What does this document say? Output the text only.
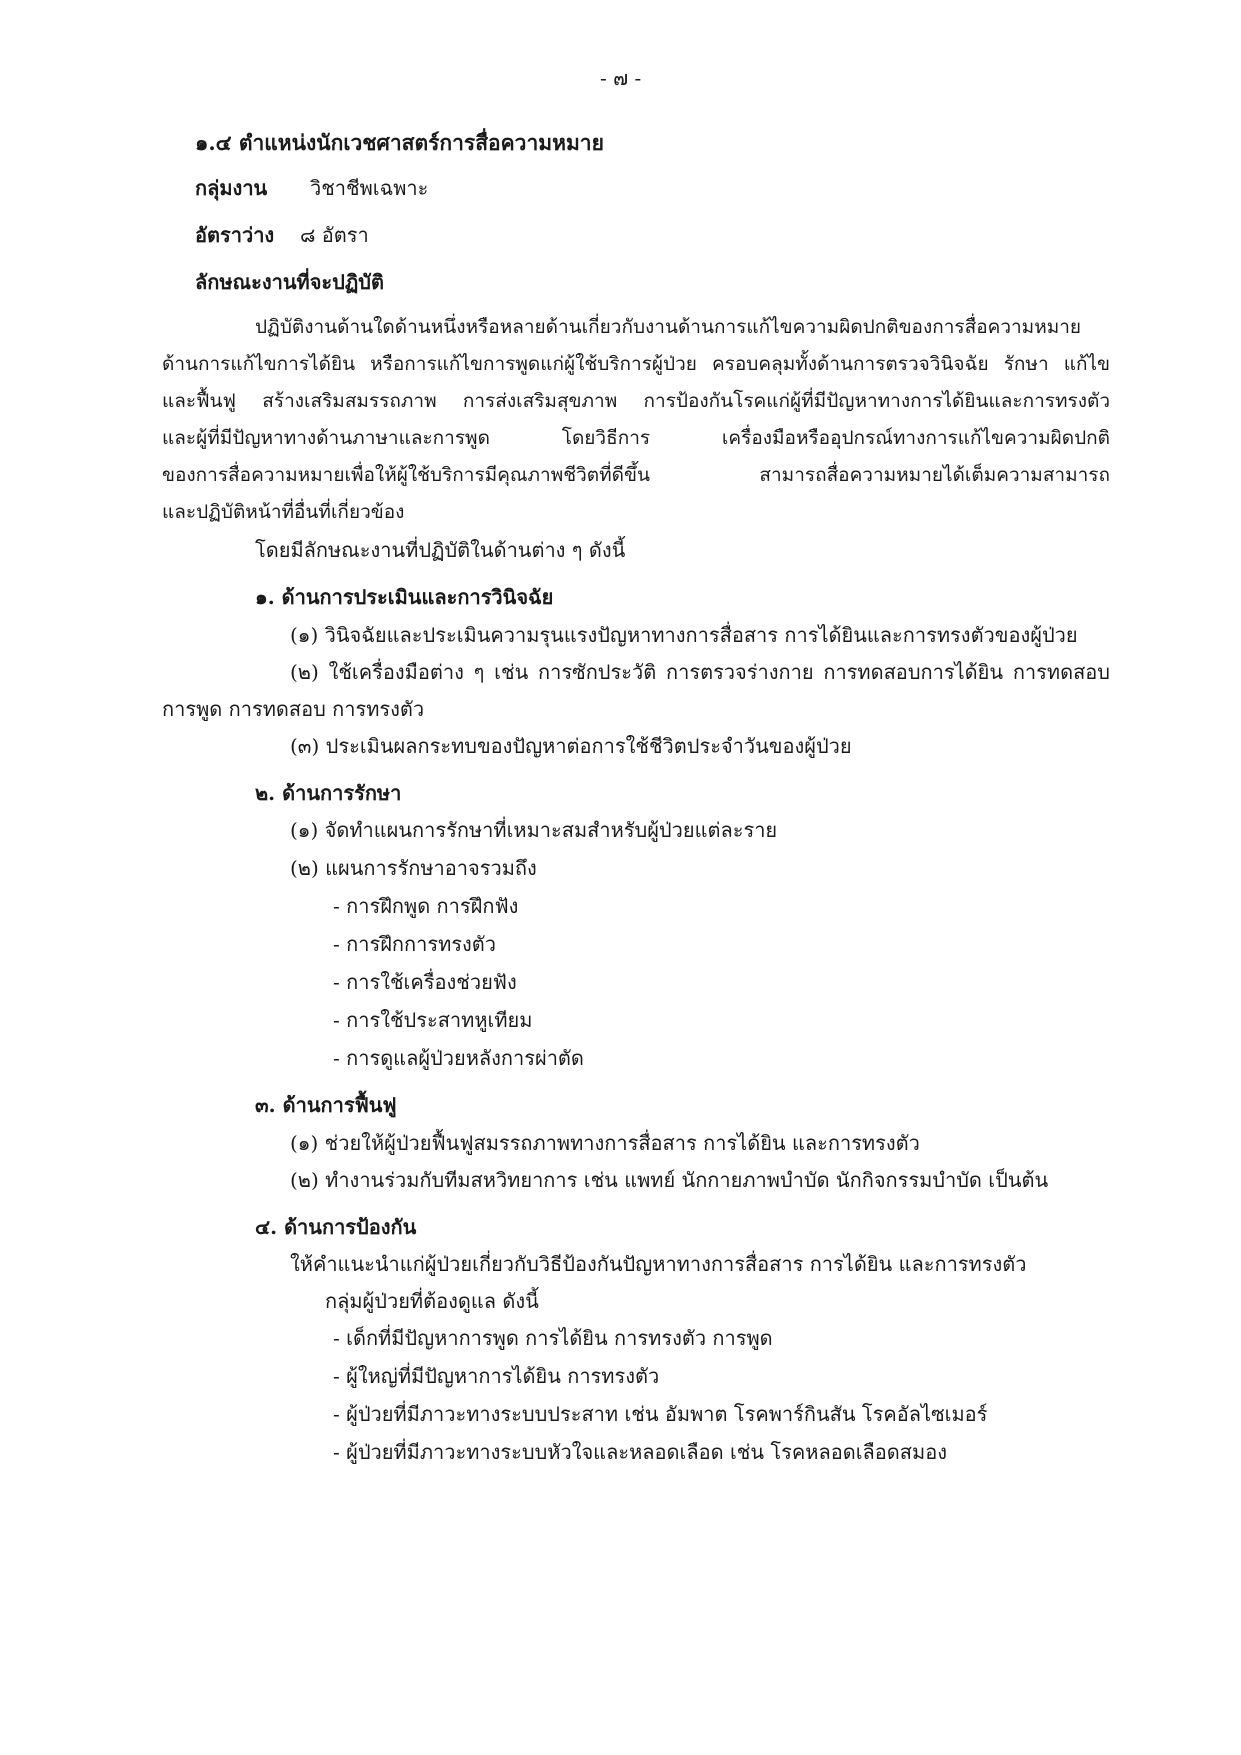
- ๗ -
๑.๔ ตำแหน่งนักเวชศาสตร์การสื่อความหมาย
กลุ่มงาน วิชาชีพเฉพาะ
อัตราว่าง ๘ อัตรา
ลักษณะงานที่จะปฏิบัติ
ปฏิบัติงานด้านใดด้านหนึ่งหรือหลายด้านเกี่ยวกับงานด้านการแก้ไขความผิดปกติของการสื่อความหมาย
ด้านการแก้ไขการได้ยิน หรือการแก้ไขการพูดแก่ผู้ใช้บริการผู้ป่วย ครอบคลุมทั้งด้านการตรวจวินิจฉัย รักษา แก้ไข
และฟื้นฟู สร้างเสริมสมรรถภาพ การส่งเสริมสุขภาพ การป้องกันโรคแก่ผู้ที่มีปัญหาทางการได้ยินและการทรงตัว
และผู้ที่มีปัญหาทางด้านภาษาและการพูด โดยวิธีการ เครื่องมือหรืออุปกรณ์ทางการแก้ไขความผิดปกติ
ของการสื่อความหมายเพื่อให้ผู้ใช้บริการมีคุณภาพชีวิตที่ดีขึ้น สามารถสื่อความหมายได้เต็มความสามารถ
และปฏิบัติหน้าที่อื่นที่เกี่ยวข้อง
โดยมีลักษณะงานที่ปฏิบัติในด้านต่าง ๆ ดังนี้
๑. ด้านการประเมินและการวินิจฉัย
(๑) วินิจฉัยและประเมินความรุนแรงปัญหาทางการสื่อสาร การได้ยินและการทรงตัวของผู้ป่วย
(๒) ใช้เครื่องมือต่าง ๆ เช่น การซักประวัติ การตรวจร่างกาย การทดสอบการได้ยิน การทดสอบ
การพูด การทดสอบ การทรงตัว
(๓) ประเมินผลกระทบของปัญหาต่อการใช้ชีวิตประจำวันของผู้ป่วย
๒. ด้านการรักษา
(๑) จัดทำแผนการรักษาที่เหมาะสมสำหรับผู้ป่วยแต่ละราย
(๒) แผนการรักษาอาจรวมถึง
- การฝึกพูด การฝึกฟัง
- การฝึกการทรงตัว
- การใช้เครื่องช่วยฟัง
- การใช้ประสาทหูเทียม
- การดูแลผู้ป่วยหลังการผ่าตัด
๓. ด้านการฟื้นฟู
(๑) ช่วยให้ผู้ป่วยฟื้นฟูสมรรถภาพทางการสื่อสาร การได้ยิน และการทรงตัว
(๒) ทำงานร่วมกับทีมสหวิทยาการ เช่น แพทย์ นักกายภาพบำบัด นักกิจกรรมบำบัด เป็นต้น
๔. ด้านการป้องกัน
ให้คำแนะนำแก่ผู้ป่วยเกี่ยวกับวิธีป้องกันปัญหาทางการสื่อสาร การได้ยิน และการทรงตัว
กลุ่มผู้ป่วยที่ต้องดูแล ดังนี้
- เด็กที่มีปัญหาการพูด การได้ยิน การทรงตัว การพูด
- ผู้ใหญ่ที่มีปัญหาการได้ยิน การทรงตัว
- ผู้ป่วยที่มีภาวะทางระบบประสาท เช่น อัมพาต โรคพาร์กินสัน โรคอัลไซเมอร์
- ผู้ป่วยที่มีภาวะทางระบบหัวใจและหลอดเลือด เช่น โรคหลอดเลือดสมอง
